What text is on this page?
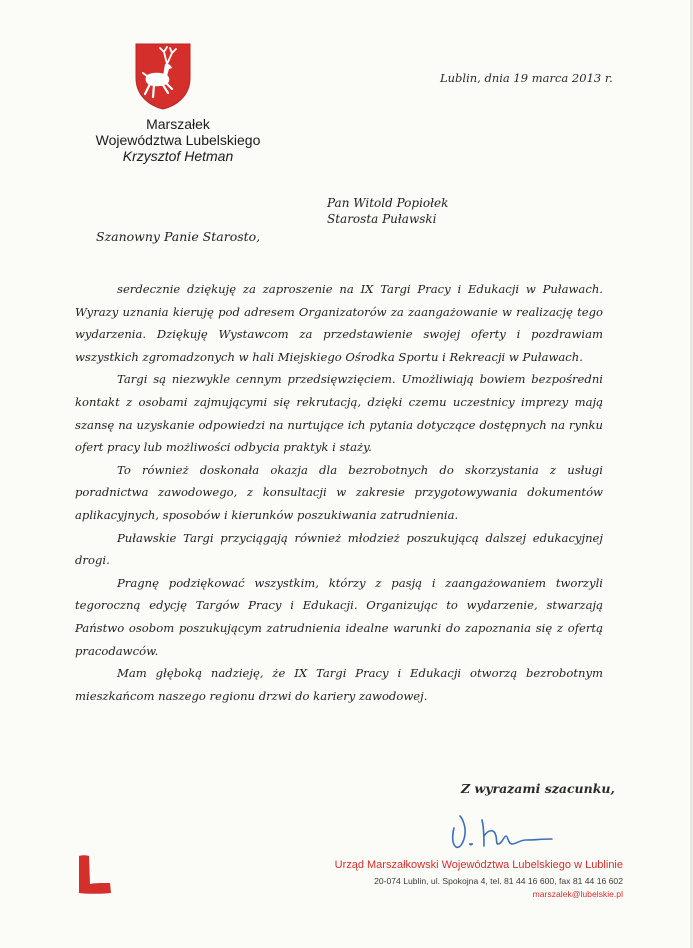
Marszałek
Województwa Lubelskiego
Krzysztof Hetman
Lublin, dnia 19 marca 2013 r.
Pan Witold Popiołek
Starosta Puławski
Szanowny Panie Starosto,

serdecznie dziękuję za zaproszenie na IX Targi Pracy i Edukacji w Puławach. Wyrazy uznania kieruję pod adresem Organizatorów za zaangażowanie w realizację tego wydarzenia. Dziękuję Wystawcom za przedstawienie swojej oferty i pozdrawiam wszystkich zgromadzonych w hali Miejskiego Ośrodka Sportu i Rekreacji w Puławach.

Targi są niezwykle cennym przedsięwzięciem. Umożliwiają bowiem bezpośredni kontakt z osobami zajmującymi się rekrutacją, dzięki czemu uczestnicy imprezy mają szansę na uzyskanie odpowiedzi na nurtujące ich pytania dotyczące dostępnych na rynku ofert pracy lub możliwości odbycia praktyk i staży.

To również doskonała okazja dla bezrobotnych do skorzystania z usługi poradnictwa zawodowego, z konsultacji w zakresie przygotowywania dokumentów aplikacyjnych, sposobów i kierunków poszukiwania zatrudnienia.

Puławskie Targi przyciągają również młodzież poszukującą dalszej edukacyjnej drogi.

Pragnę podziękować wszystkim, którzy z pasją i zaangażowaniem tworzyli tegoroczną edycję Targów Pracy i Edukacji. Organizując to wydarzenie, stwarzają Państwo osobom poszukującym zatrudnienia idealne warunki do zapoznania się z ofertą pracodawców.

Mam głęboką nadzieję, że IX Targi Pracy i Edukacji otworzą bezrobotnym mieszkańcom naszego regionu drzwi do kariery zawodowej.

Z wyrazami szacunku,
Urząd Marszałkowski Województwa Lubelskiego w Lublinie
20-074 Lublin, ul. Spokojna 4, tel. 81 44 16 600, fax 81 44 16 602
marszalek@lubelskie.pl
